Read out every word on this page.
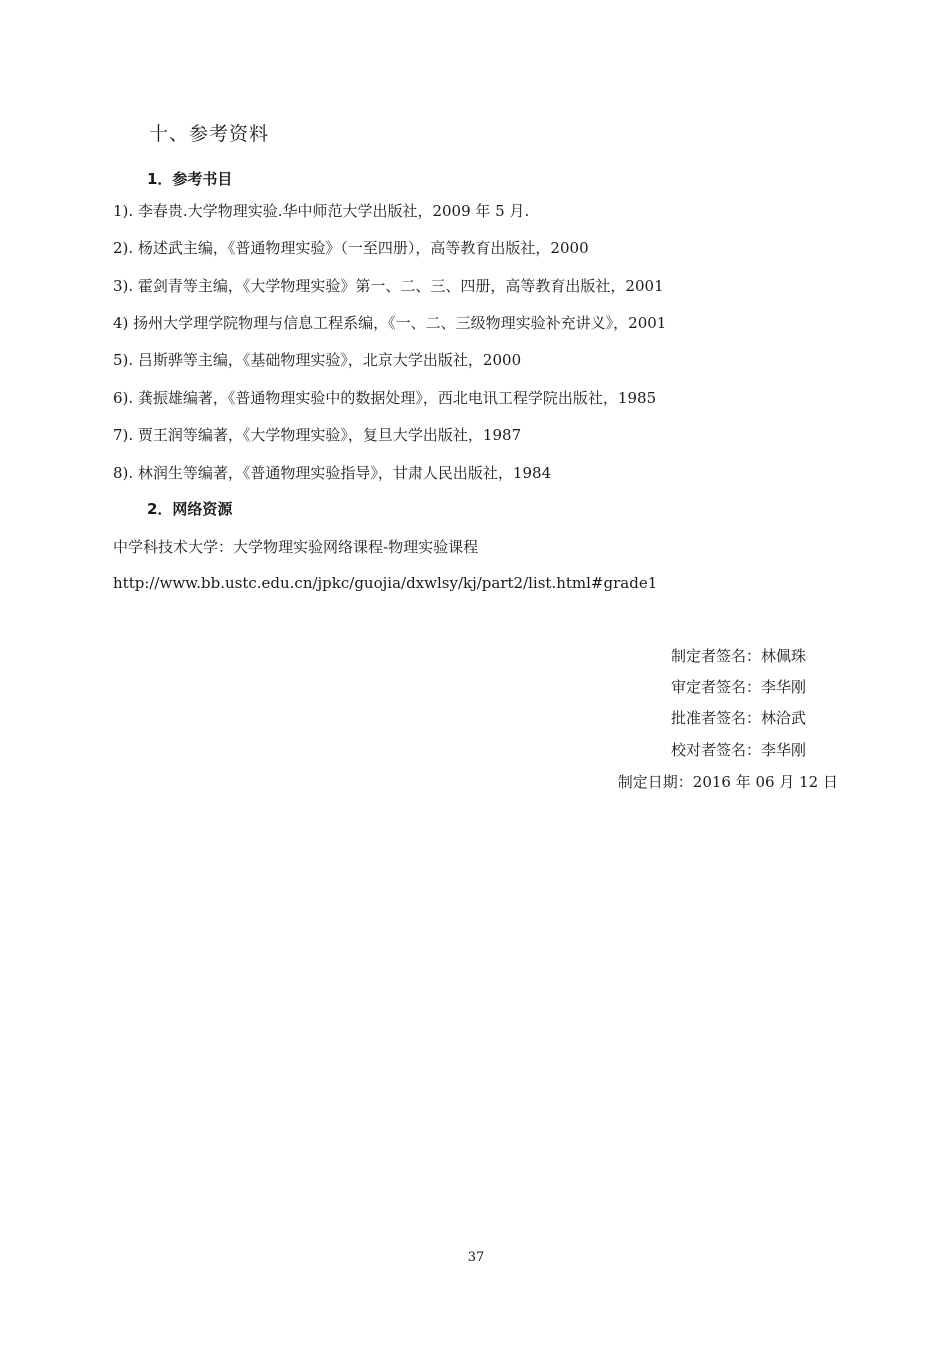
十、参考资料
1．参考书目
1). 李春贵.大学物理实验.华中师范大学出版社，2009 年 5 月.
2). 杨述武主编，《普通物理实验》（一至四册），高等教育出版社，2000
3). 霍剑青等主编，《大学物理实验》第一、二、三、四册，高等教育出版社，2001
4) 扬州大学理学院物理与信息工程系编，《一、二、三级物理实验补充讲义》，2001
5). 吕斯骅等主编，《基础物理实验》，北京大学出版社，2000
6). 龚振雄编著，《普通物理实验中的数据处理》，西北电讯工程学院出版社，1985
7). 贾王润等编著，《大学物理实验》，复旦大学出版社，1987
8). 林润生等编著，《普通物理实验指导》，甘肃人民出版社，1984
2．网络资源
中学科技术大学：大学物理实验网络课程-物理实验课程
http://www.bb.ustc.edu.cn/jpkc/guojia/dxwlsy/kj/part2/list.html#grade1
制定者签名：林佩珠
审定者签名：李华刚
批准者签名：林洽武
校对者签名：李华刚
制定日期：2016 年 06 月 12 日
37
